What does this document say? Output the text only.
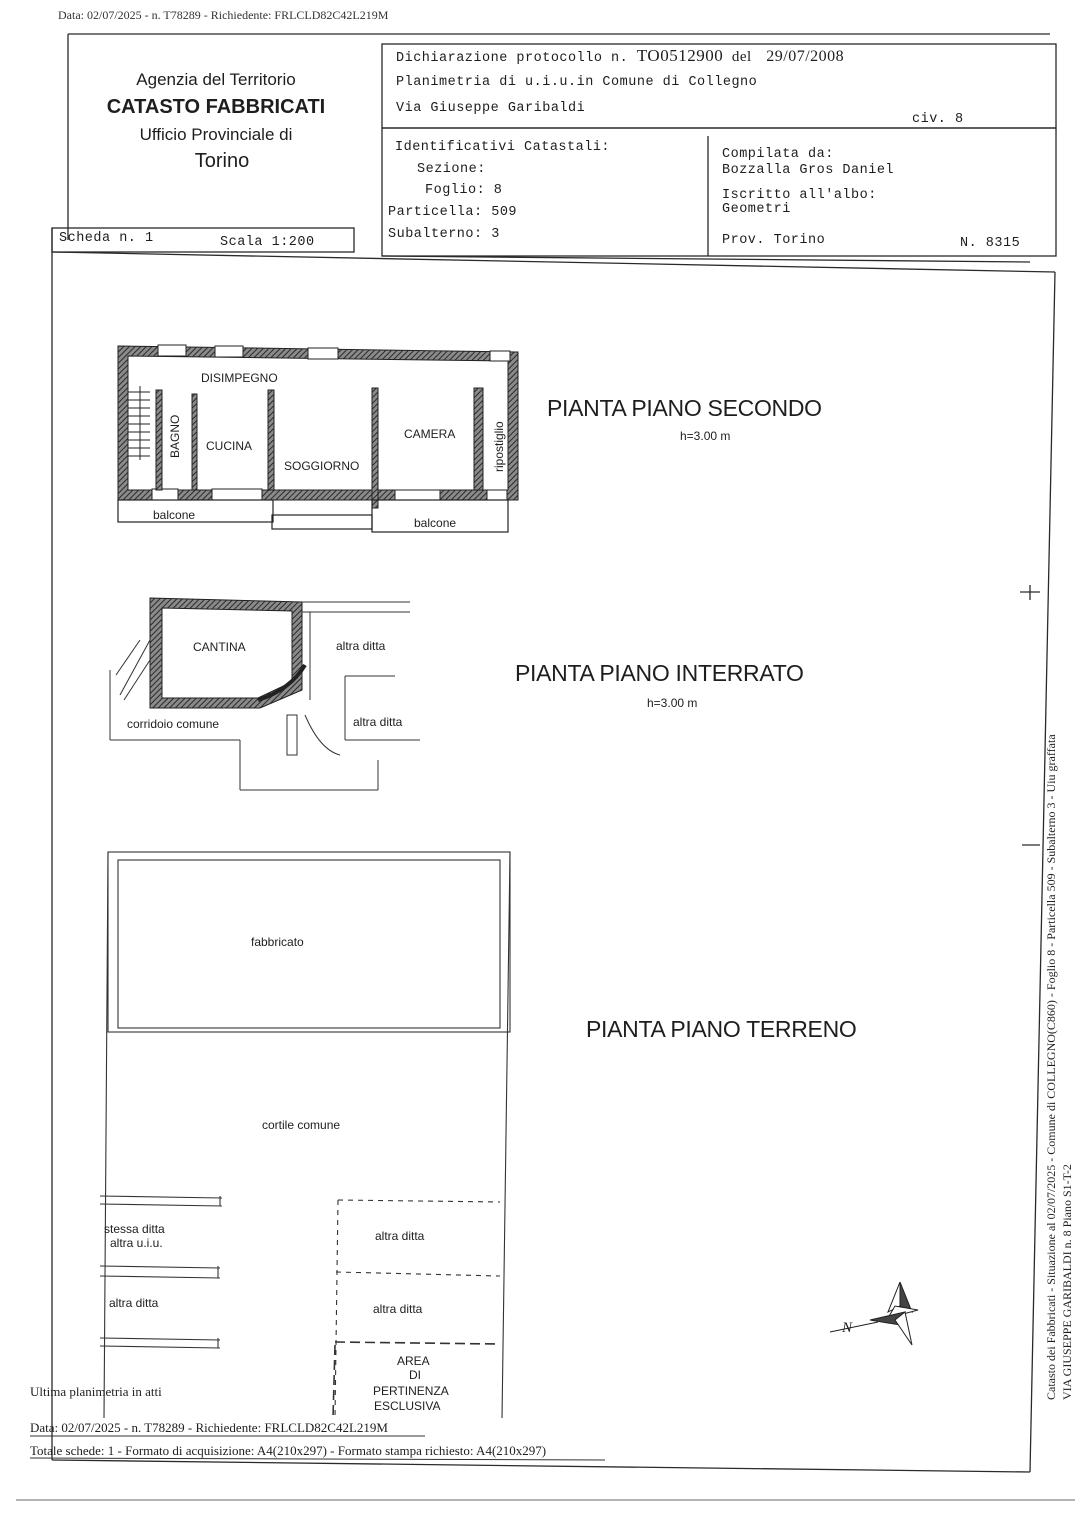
Data: 02/07/2025 - n. T78289 - Richiedente: FRLCLD82C42L219M
Agenzia del Territorio
CATASTO FABBRICATI
Ufficio Provinciale di
Torino
Dichiarazione protocollo n. TO0512900 del 29/07/2008
Planimetria di u.i.u.in Comune di Collegno
Via Giuseppe Garibaldi
civ. 8
Identificativi Catastali:
Sezione:
Foglio: 8
Particella: 509
Subalterno: 3
Compilata da:
Bozzalla Gros Daniel
Iscritto all'albo:
Geometri
Prov. Torino	N. 8315
Scheda n. 1	Scala 1:200
PIANTA PIANO SECONDO
h=3.00 m
DISIMPEGNO
CUCINA
SOGGIORNO
CAMERA
BAGNO	ripostiglio
balcone
balcone
PIANTA PIANO INTERRATO
h=3.00 m
CANTINA	altra ditta
altra ditta
corridoio comune
PIANTA PIANO TERRENO
fabbricato
cortile comune
stessa ditta
altra u.i.u.
altra ditta
altra ditta
altra ditta
AREA
DI
PERTINENZA
ESCLUSIVA
N
Ultima planimetria in atti
Data: 02/07/2025 - n. T78289 - Richiedente: FRLCLD82C42L219M
Totale schede: 1 - Formato di acquisizione: A4(210x297) - Formato stampa richiesto: A4(210x297)
Catasto dei Fabbricati - Situazione al 02/07/2025 - Comune di COLLEGNO(C860) - Foglio 8 - Particella 509 - Subalterno 3 - Uiu graffata VIA GIUSEPPE GARIBALDI n. 8 Piano S1-T-2
